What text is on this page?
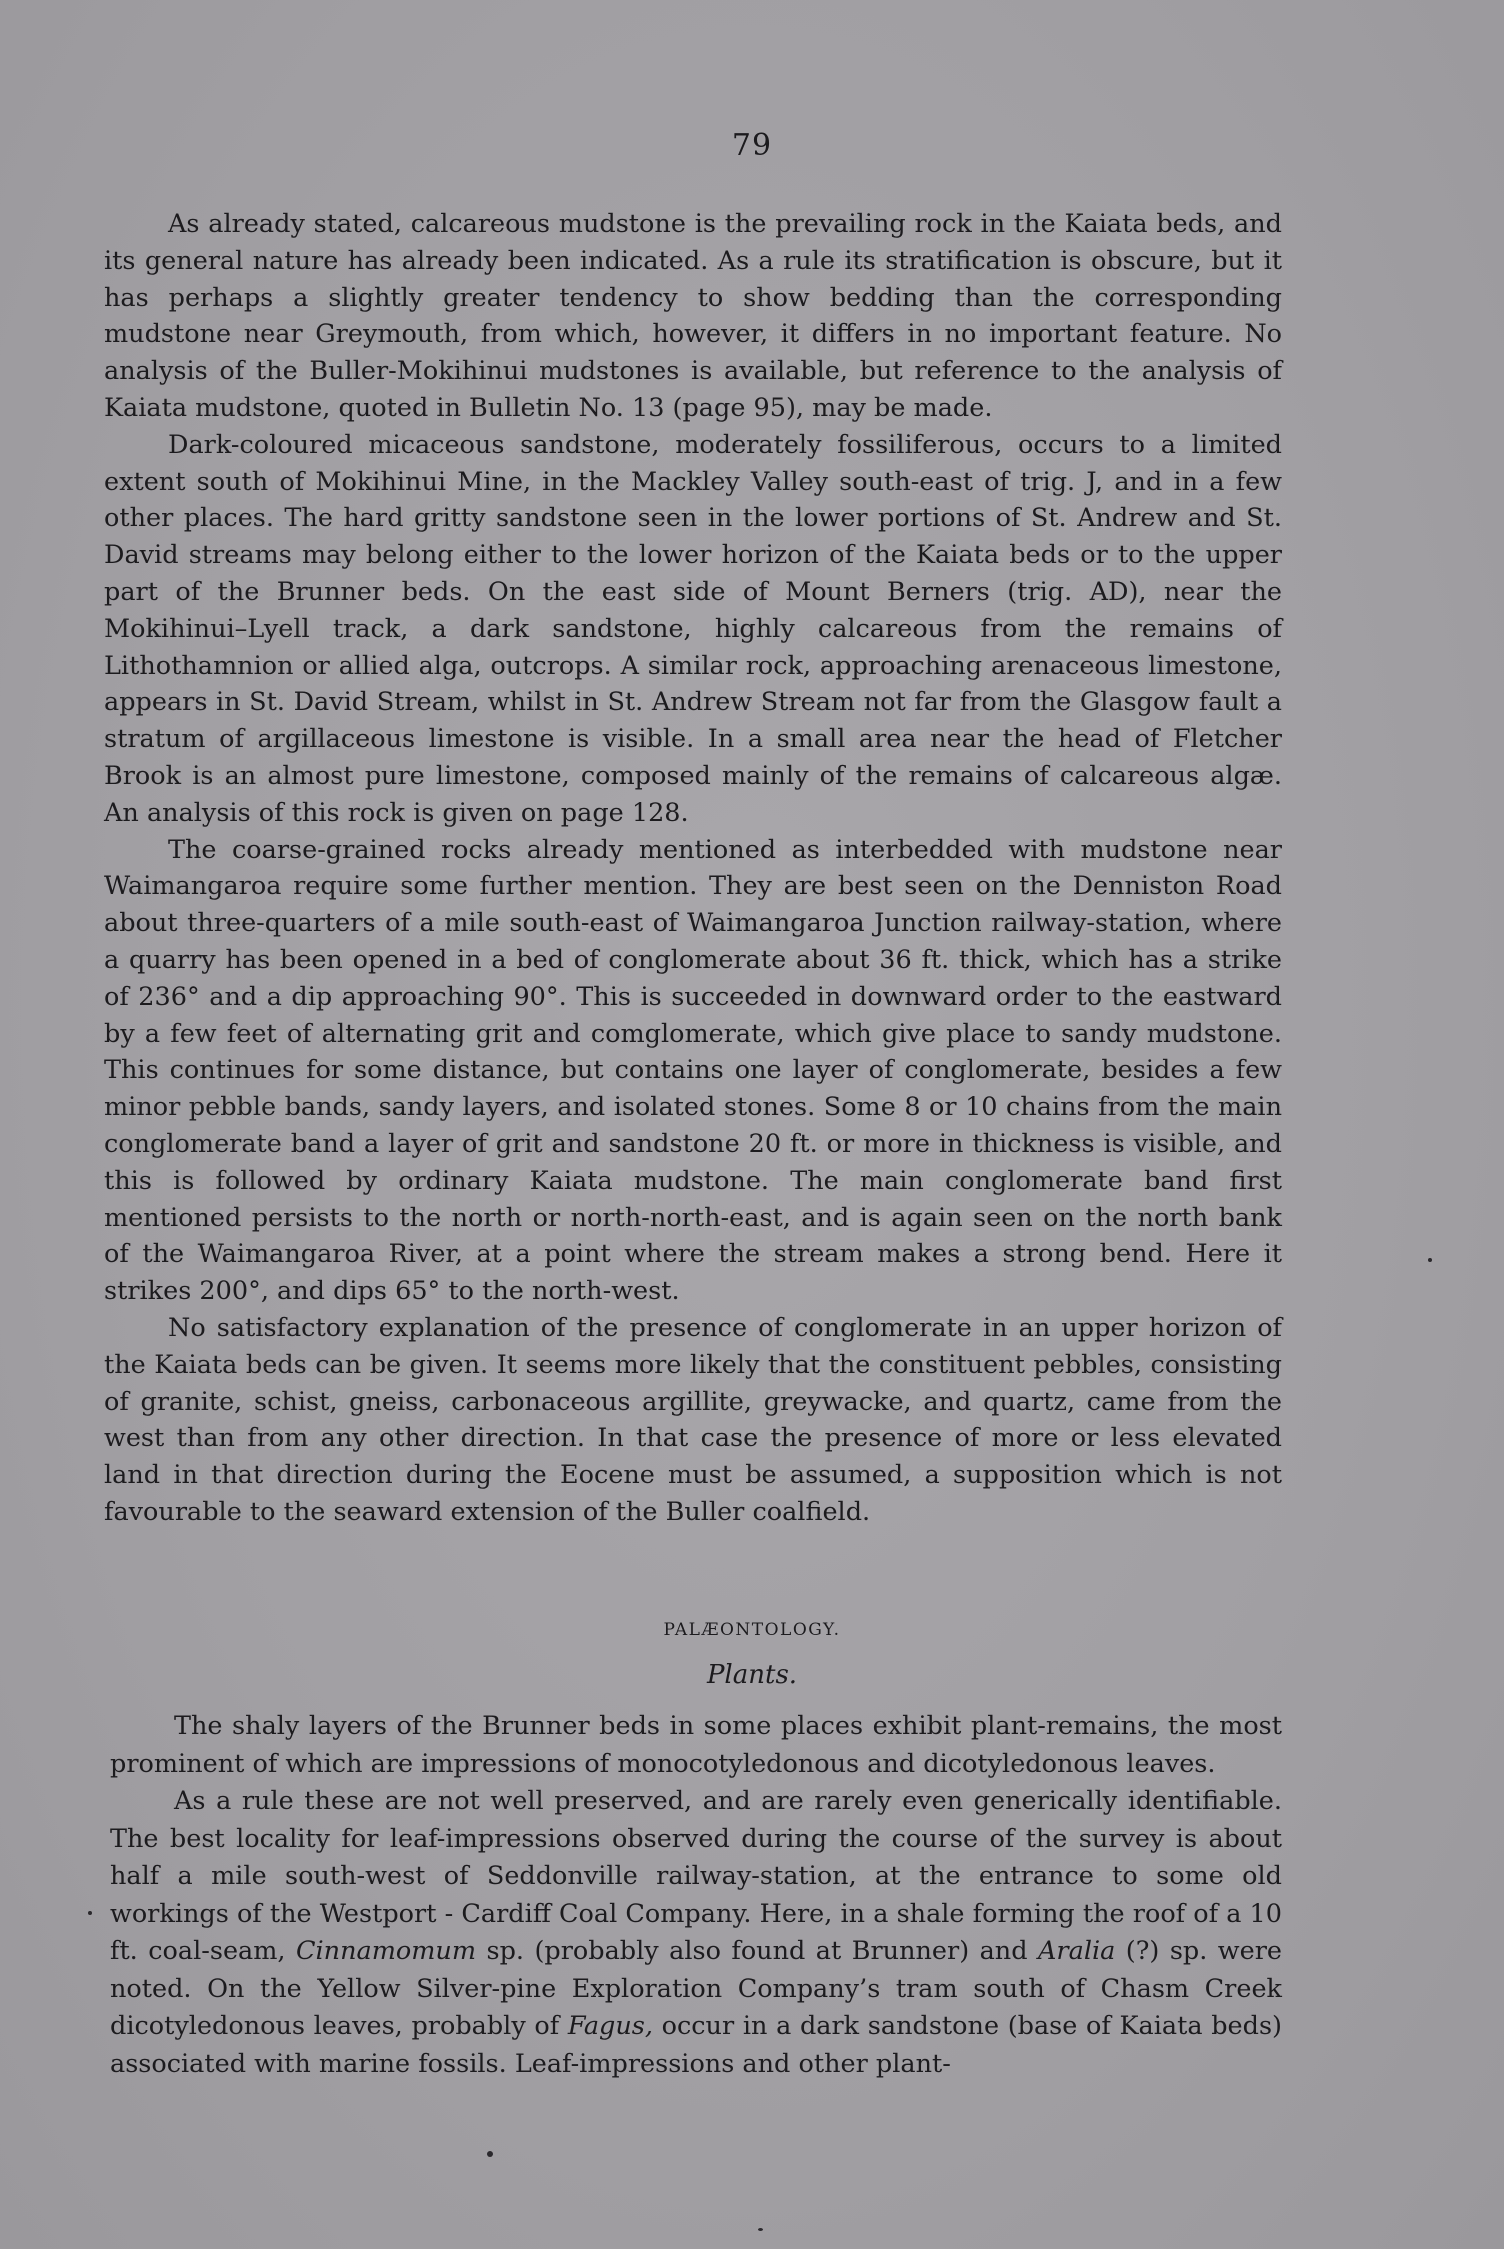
79

As already stated, calcareous mudstone is the prevailing rock in the Kaiata beds, and its general nature has already been indicated. As a rule its stratification is obscure, but it has perhaps a slightly greater tendency to show bedding than the corresponding mudstone near Greymouth, from which, however, it differs in no important feature. No analysis of the Buller-Mokihinui mudstones is available, but reference to the analysis of Kaiata mudstone, quoted in Bulletin No. 13 (page 95), may be made.

Dark-coloured micaceous sandstone, moderately fossiliferous, occurs to a limited extent south of Mokihinui Mine, in the Mackley Valley south-east of trig. J, and in a few other places. The hard gritty sandstone seen in the lower portions of St. Andrew and St. David streams may belong either to the lower horizon of the Kaiata beds or to the upper part of the Brunner beds. On the east side of Mount Berners (trig. AD), near the Mokihinui–Lyell track, a dark sandstone, highly calcareous from the remains of Lithothamnion or allied alga, outcrops. A similar rock, approaching arenaceous limestone, appears in St. David Stream, whilst in St. Andrew Stream not far from the Glasgow fault a stratum of argillaceous limestone is visible. In a small area near the head of Fletcher Brook is an almost pure limestone, composed mainly of the remains of calcareous algæ. An analysis of this rock is given on page 128.

The coarse-grained rocks already mentioned as interbedded with mudstone near Waimangaroa require some further mention. They are best seen on the Denniston Road about three-quarters of a mile south-east of Waimangaroa Junction railway-station, where a quarry has been opened in a bed of conglomerate about 36 ft. thick, which has a strike of 236° and a dip approaching 90°. This is succeeded in downward order to the eastward by a few feet of alternating grit and comglomerate, which give place to sandy mudstone. This continues for some distance, but contains one layer of conglomerate, besides a few minor pebble bands, sandy layers, and isolated stones. Some 8 or 10 chains from the main conglomerate band a layer of grit and sandstone 20 ft. or more in thickness is visible, and this is followed by ordinary Kaiata mudstone. The main conglomerate band first mentioned persists to the north or north-north-east, and is again seen on the north bank of the Waimangaroa River, at a point where the stream makes a strong bend. Here it strikes 200°, and dips 65° to the north-west.

No satisfactory explanation of the presence of conglomerate in an upper horizon of the Kaiata beds can be given. It seems more likely that the constituent pebbles, consisting of granite, schist, gneiss, carbonaceous argillite, greywacke, and quartz, came from the west than from any other direction. In that case the presence of more or less elevated land in that direction during the Eocene must be assumed, a supposition which is not favourable to the seaward extension of the Buller coalfield.

PALÆONTOLOGY.
Plants.

The shaly layers of the Brunner beds in some places exhibit plant-remains, the most prominent of which are impressions of monocotyledonous and dicotyledonous leaves.

As a rule these are not well preserved, and are rarely even generically identifiable. The best locality for leaf-impressions observed during the course of the survey is about half a mile south-west of Seddonville railway-station, at the entrance to some old workings of the Westport - Cardiff Coal Company. Here, in a shale forming the roof of a 10 ft. coal-seam, Cinnamomum sp. (probably also found at Brunner) and Aralia (?) sp. were noted. On the Yellow Silver-pine Exploration Company’s tram south of Chasm Creek dicotyledonous leaves, probably of Fagus, occur in a dark sandstone (base of Kaiata beds) associated with marine fossils. Leaf-impressions and other plant-
